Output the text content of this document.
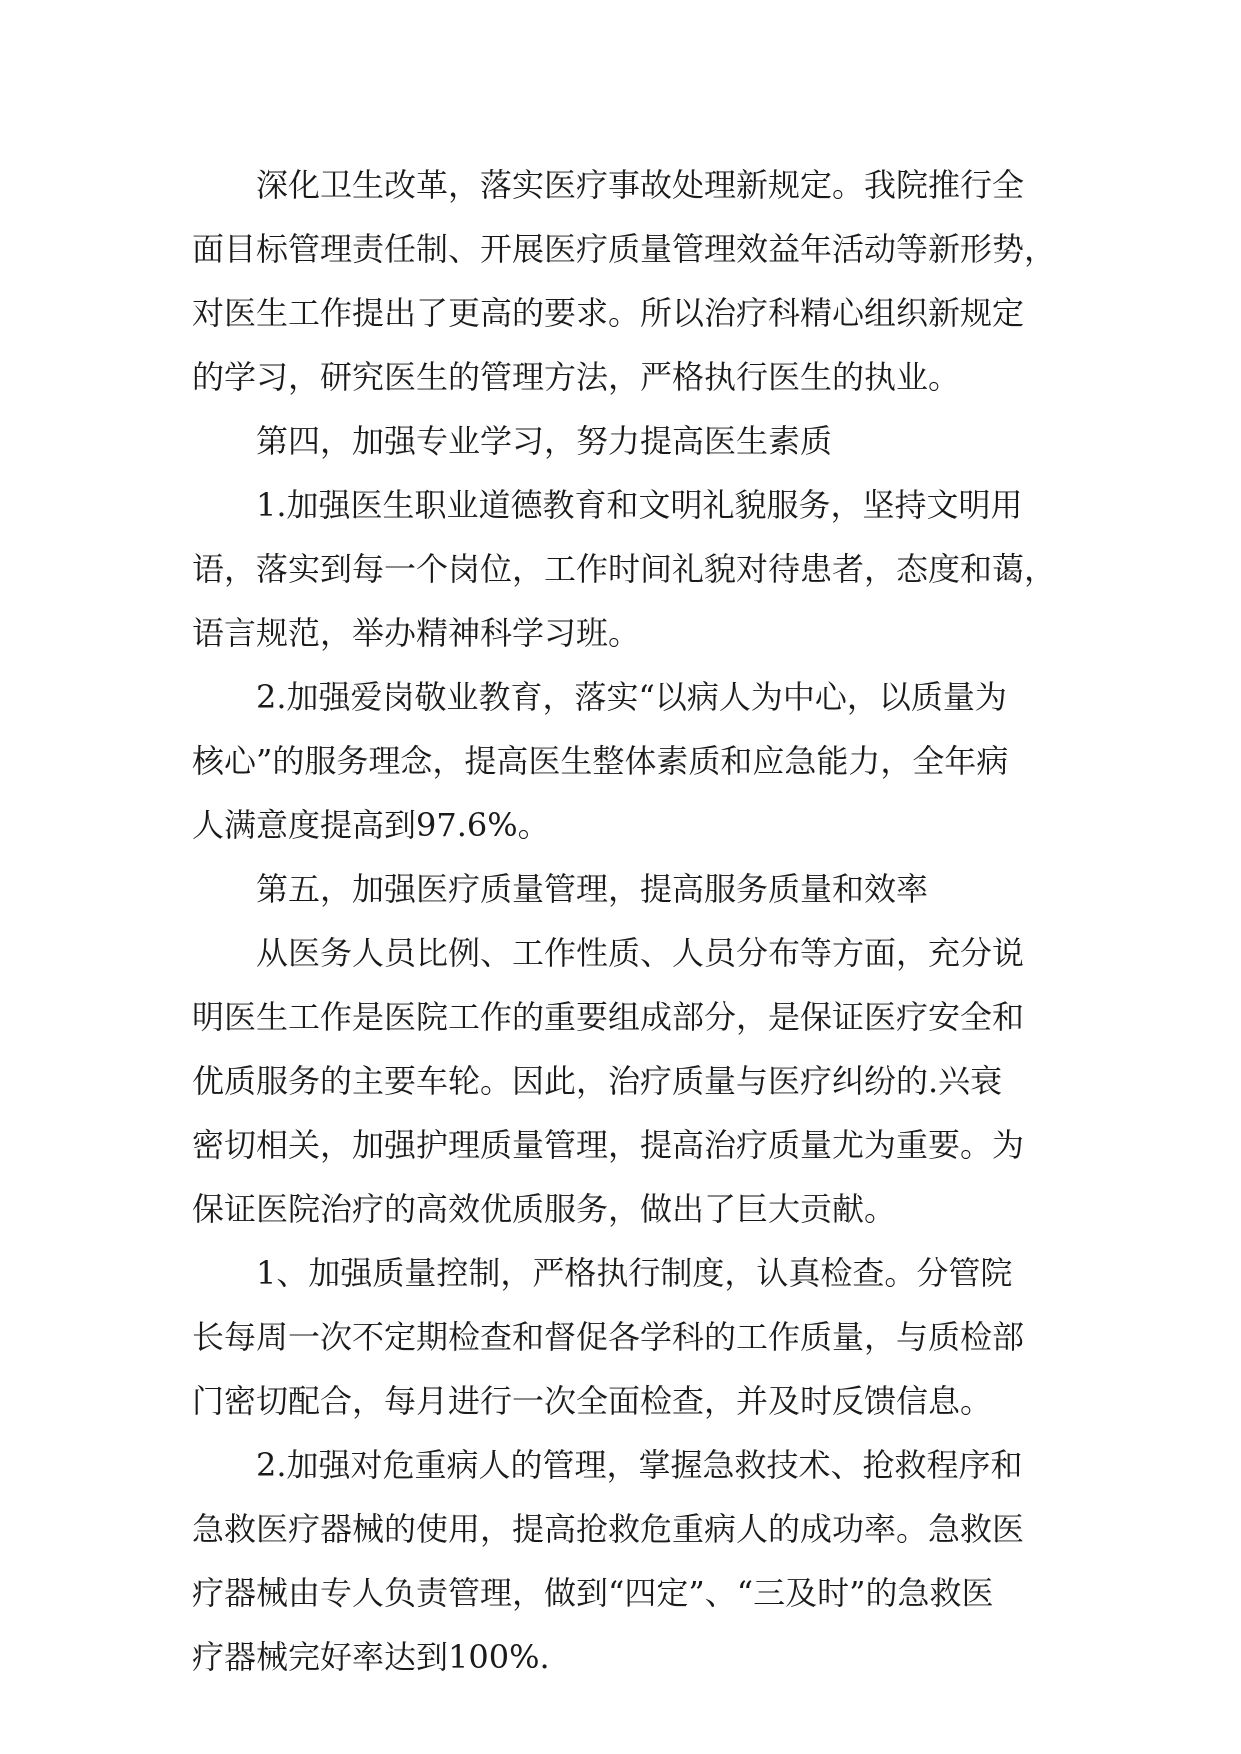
深化卫生改革，落实医疗事故处理新规定。我院推行全

面目标管理责任制、开展医疗质量管理效益年活动等新形势，

对医生工作提出了更高的要求。所以治疗科精心组织新规定

的学习，研究医生的管理方法，严格执行医生的执业。

第四，加强专业学习，努力提高医生素质

1.加强医生职业道德教育和文明礼貌服务，坚持文明用

语，落实到每一个岗位，工作时间礼貌对待患者，态度和蔼，

语言规范，举办精神科学习班。

2.加强爱岗敬业教育，落实“以病人为中心，以质量为

核心”的服务理念，提高医生整体素质和应急能力，全年病

人满意度提高到97.6%。

第五，加强医疗质量管理，提高服务质量和效率

从医务人员比例、工作性质、人员分布等方面，充分说

明医生工作是医院工作的重要组成部分，是保证医疗安全和

优质服务的主要车轮。因此，治疗质量与医疗纠纷的.兴衰

密切相关，加强护理质量管理，提高治疗质量尤为重要。为

保证医院治疗的高效优质服务，做出了巨大贡献。

1、加强质量控制，严格执行制度，认真检查。分管院

长每周一次不定期检查和督促各学科的工作质量，与质检部

门密切配合，每月进行一次全面检查，并及时反馈信息。

2.加强对危重病人的管理，掌握急救技术、抢救程序和

急救医疗器械的使用，提高抢救危重病人的成功率。急救医

疗器械由专人负责管理，做到“四定”、“三及时”的急救医

疗器械完好率达到100%.
